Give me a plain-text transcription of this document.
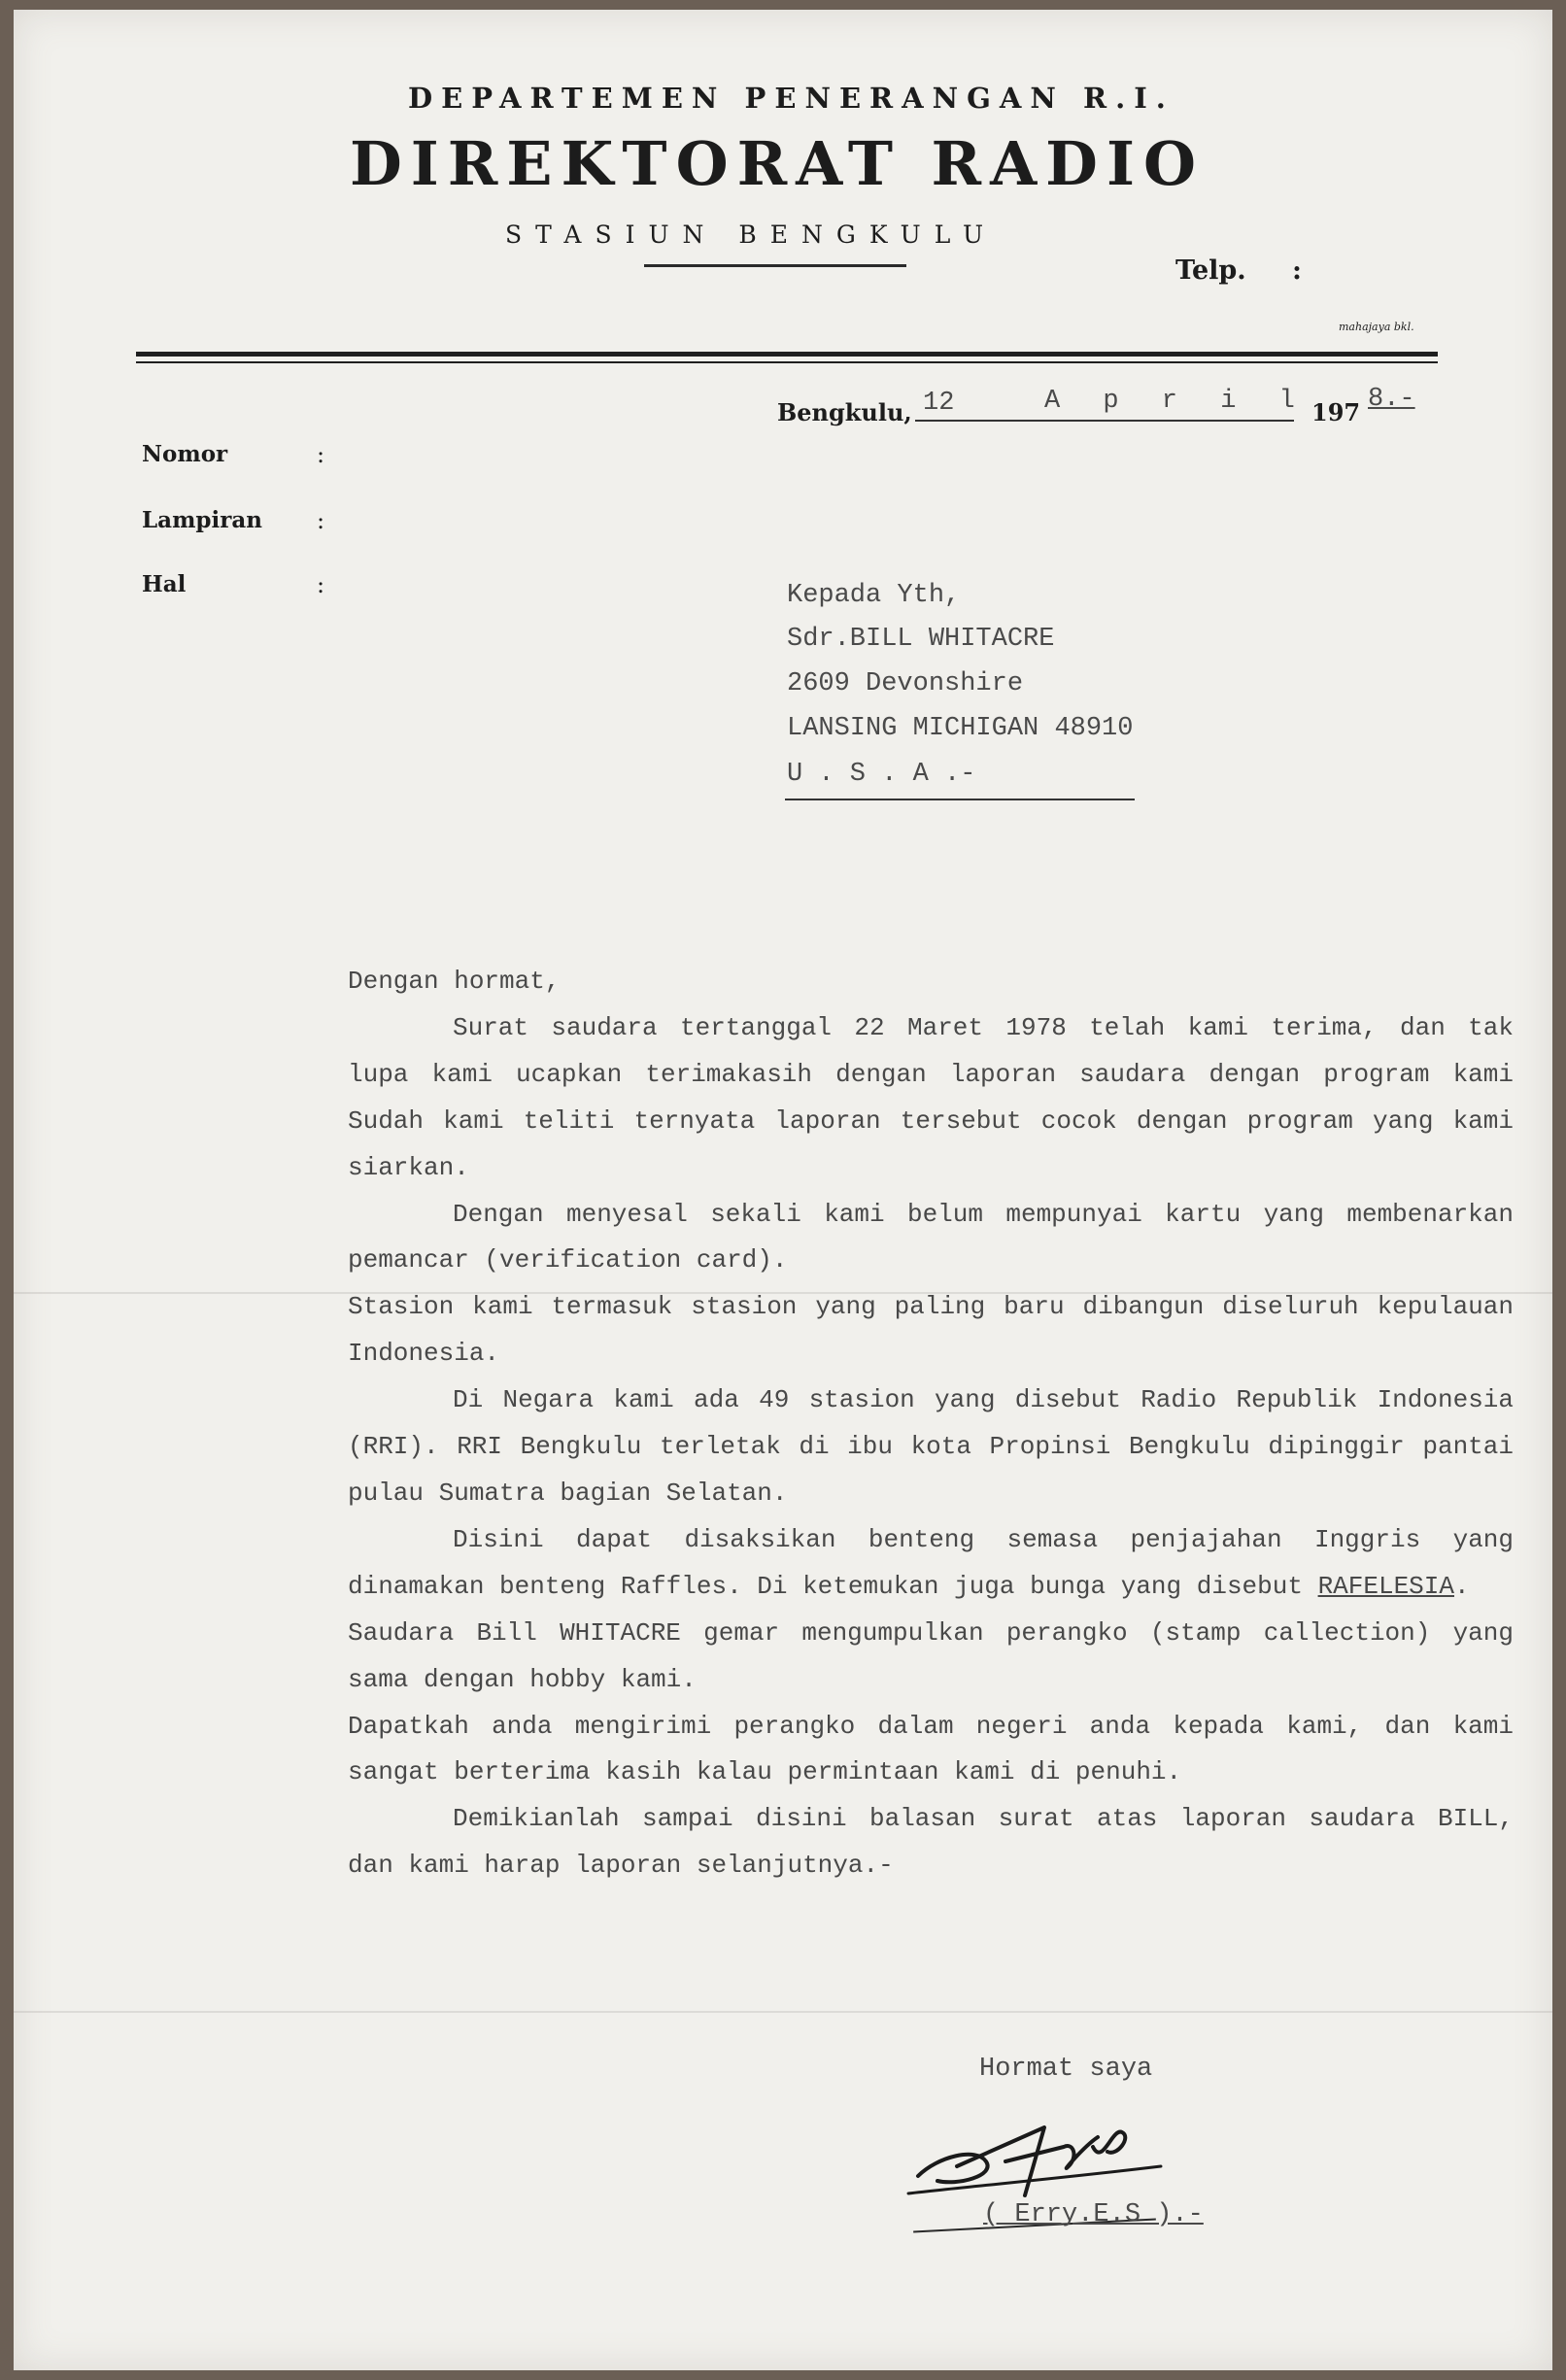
DEPARTEMEN PENERANGAN R.I.
DIREKTORAT RADIO
STASIUN BENGKULU
Telp. :
mahajaya bkl.
Bengkulu, 12	A p r i l 197 8.-
Nomor	:
Lampiran :
Hal	:	Kepada Yth,
Sdr.BILL WHITACRE
2609 Devonshire
LANSING MICHIGAN 48910
U . S . A .-

Dengan hormat,

Surat saudara tertanggal 22 Maret 1978 telah kami terima, dan tak lupa kami ucapkan terimakasih dengan laporan saudara dengan program kami Sudah kami teliti ternyata laporan tersebut cocok dengan program yang kami siarkan.

Dengan menyesal sekali kami belum mempunyai kartu yang membenarkan pemancar (verification card).

Stasion kami termasuk stasion yang paling baru dibangun diseluruh kepulauan Indonesia.

Di Negara kami ada 49 stasion yang disebut Radio Republik Indonesia (RRI). RRI Bengkulu terletak di ibu kota Propinsi Bengkulu dipinggir pantai pulau Sumatra bagian Selatan.

Disini dapat disaksikan benteng semasa penjajahan Inggris yang dinamakan benteng Raffles. Di ketemukan juga bunga yang disebut RAFELESIA.

Saudara Bill WHITACRE gemar mengumpulkan perangko (stamp callection) yang sama dengan hobby kami.

Dapatkah anda mengirimi perangko dalam negeri anda kepada kami, dan kami sangat berterima kasih kalau permintaan kami di penuhi.

Demikianlah sampai disini balasan surat atas laporan saudara BILL, dan kami harap laporan selanjutnya.-

Hormat saya
( Erry.E.S ).-
